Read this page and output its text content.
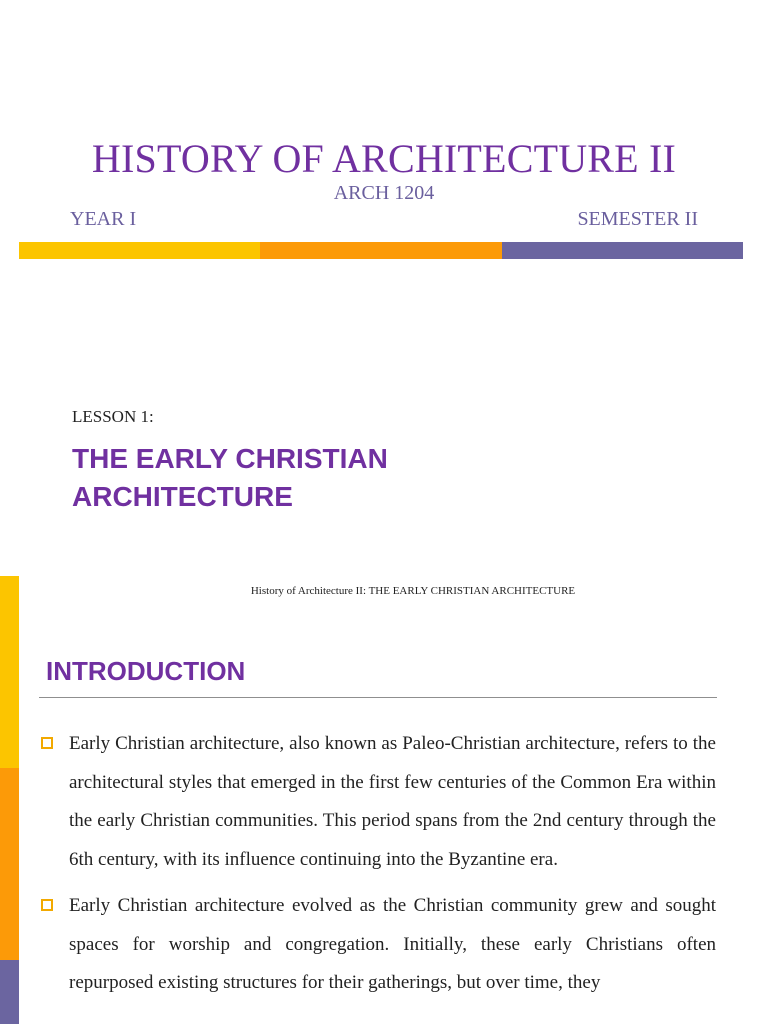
HISTORY OF ARCHITECTURE II
ARCH 1204
YEAR I	SEMESTER II
LESSON 1:
THE EARLY CHRISTIAN
ARCHITECTURE
History of Architecture II: THE EARLY CHRISTIAN ARCHITECTURE
INTRODUCTION
Early Christian architecture, also known as Paleo-Christian architecture, refers to the architectural styles that emerged in the first few centuries of the Common Era within the early Christian communities. This period spans from the 2nd century through the 6th century, with its influence continuing into the Byzantine era.
Early Christian architecture evolved as the Christian community grew and sought spaces for worship and congregation. Initially, these early Christians often repurposed existing structures for their gatherings, but over time, they
